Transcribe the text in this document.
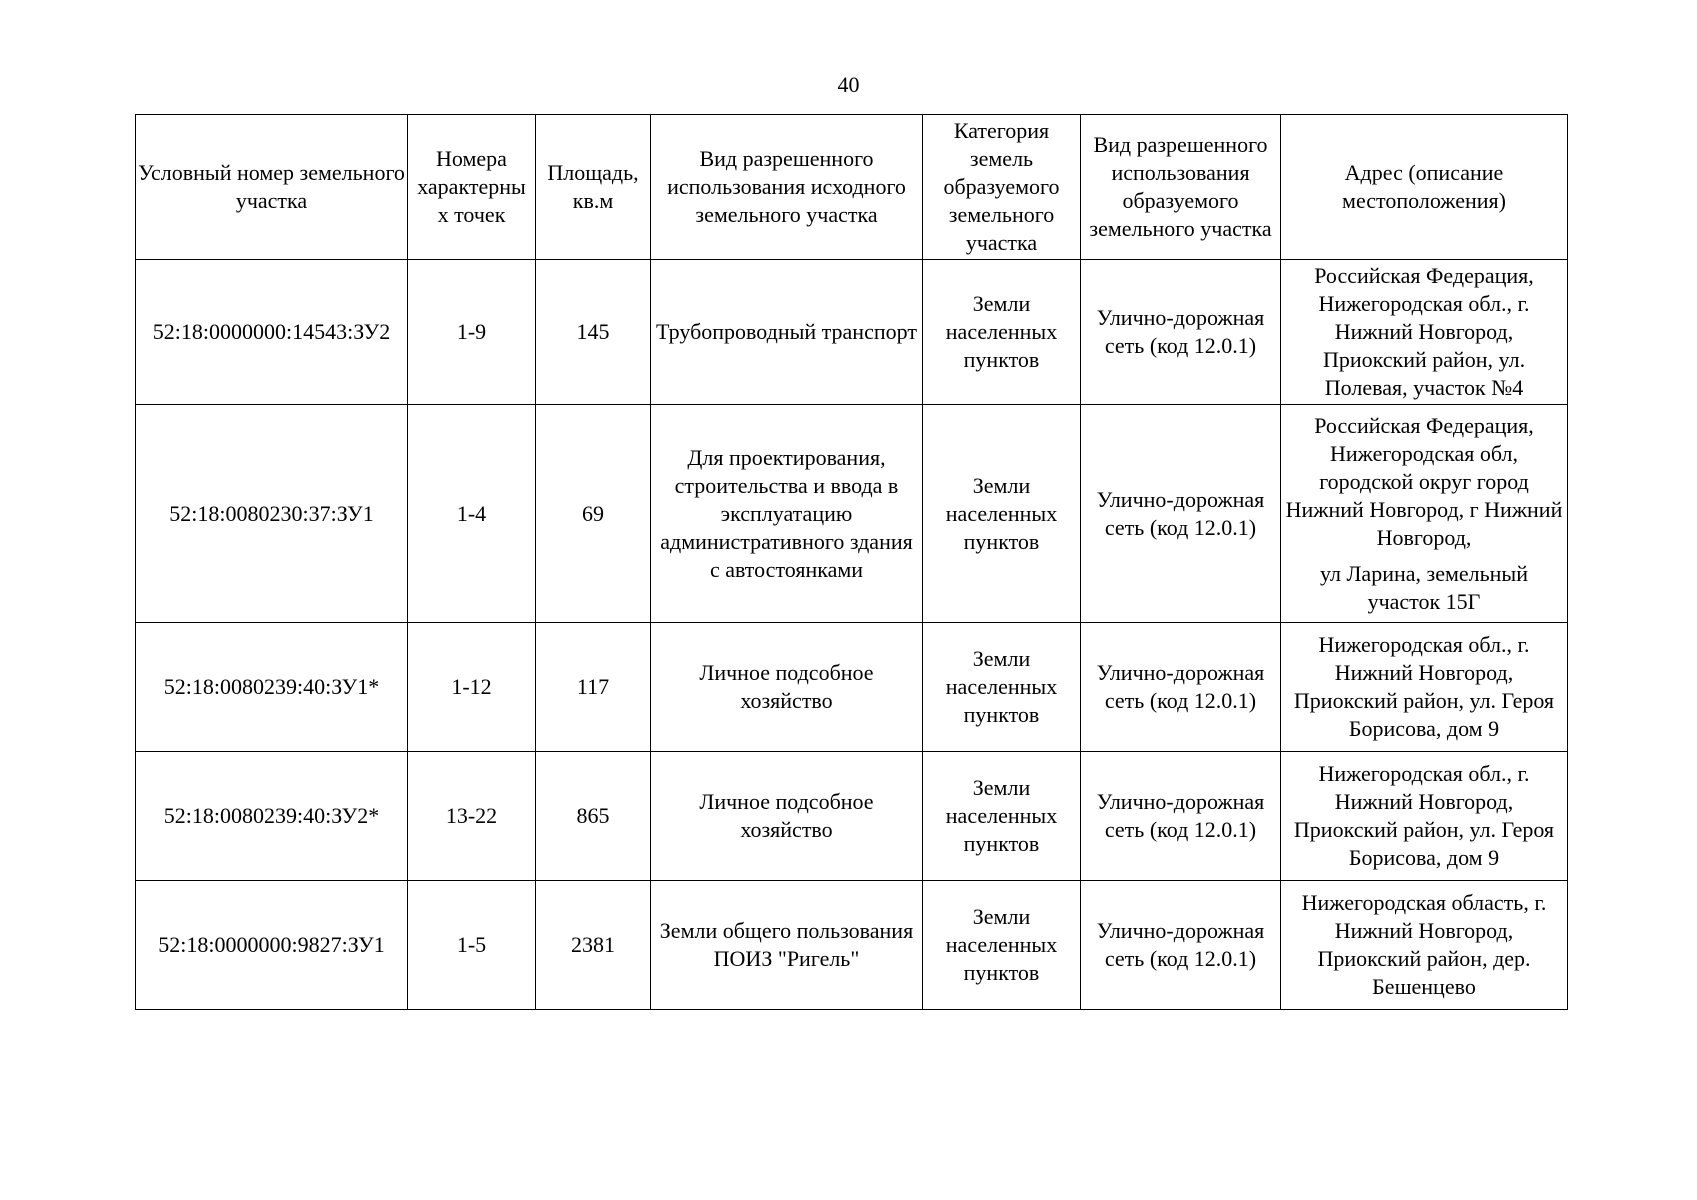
40
Условный номер земельного участка	Номера характерны х точек	Площадь, кв.м	Вид разрешенного использования исходного земельного участка	Категория земель образуемого земельного участка	Вид разрешенного использования образуемого земельного участка	Адрес (описание местоположения)
52:18:0000000:14543:ЗУ2	1-9	145	Трубопроводный транспорт	Земли населенных пунктов	Улично-дорожная сеть (код 12.0.1)	Российская Федерация, Нижегородская обл., г. Нижний Новгород, Приокский район, ул. Полевая, участок №4
52:18:0080230:37:ЗУ1	1-4	69	Для проектирования, строительства и ввода в эксплуатацию административного здания с автостоянками	Земли населенных пунктов	Улично-дорожная сеть (код 12.0.1)	Российская Федерация, Нижегородская обл, городской округ город Нижний Новгород, г Нижний Новгород,
ул Ларина, земельный участок 15Г

52:18:0080239:40:ЗУ1*	1-12	117	Личное подсобное хозяйство	Земли населенных пунктов	Улично-дорожная сеть (код 12.0.1)	Нижегородская обл., г. Нижний Новгород, Приокский район, ул. Героя Борисова, дом 9
52:18:0080239:40:ЗУ2*	13-22	865	Личное подсобное хозяйство	Земли населенных пунктов	Улично-дорожная сеть (код 12.0.1)	Нижегородская обл., г. Нижний Новгород, Приокский район, ул. Героя Борисова, дом 9
52:18:0000000:9827:ЗУ1	1-5	2381	Земли общего пользования ПОИЗ "Ригель"	Земли населенных пунктов	Улично-дорожная сеть (код 12.0.1)	Нижегородская область, г. Нижний Новгород, Приокский район, дер. Бешенцево
